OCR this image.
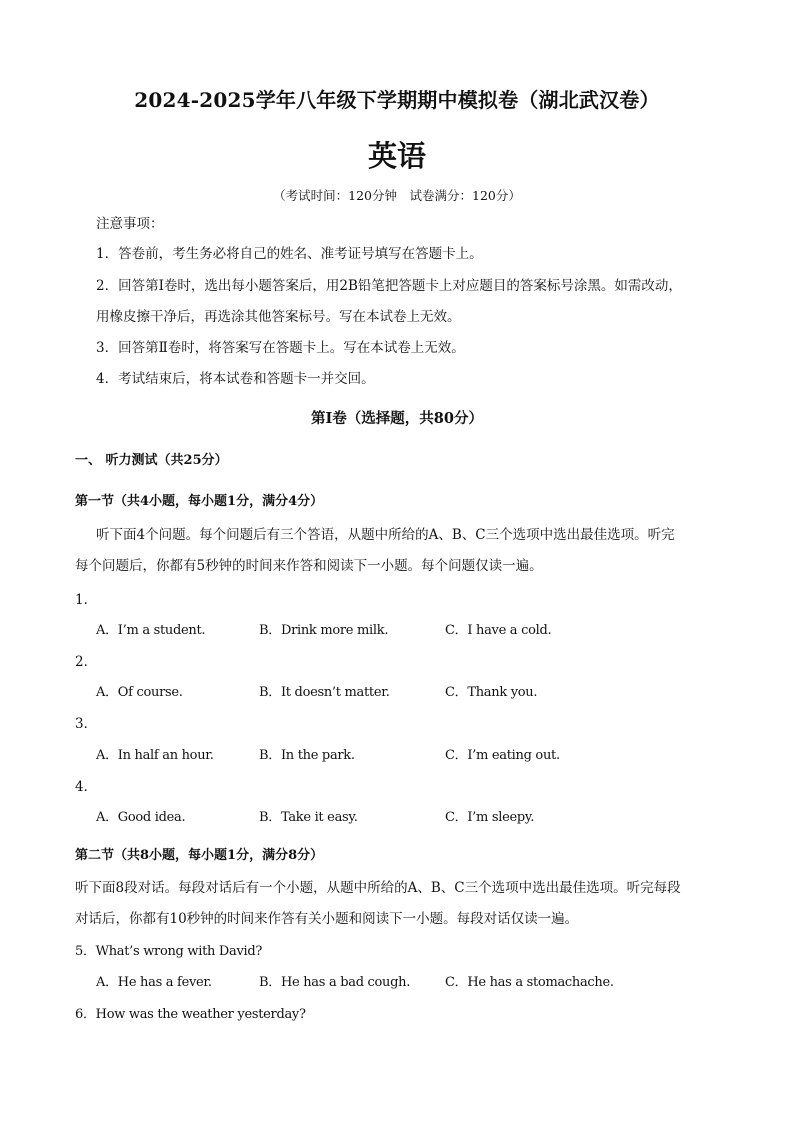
2024-2025学年八年级下学期期中模拟卷（湖北武汉卷）
英语
（考试时间：120分钟　试卷满分：120分）
注意事项：
1．答卷前，考生务必将自己的姓名、准考证号填写在答题卡上。
2．回答第Ⅰ卷时，选出每小题答案后，用2B铅笔把答题卡上对应题目的答案标号涂黑。如需改动，
用橡皮擦干净后，再选涂其他答案标号。写在本试卷上无效。
3．回答第Ⅱ卷时，将答案写在答题卡上。写在本试卷上无效。
4．考试结束后，将本试卷和答题卡一并交回。
第Ⅰ卷（选择题，共80分）
一、 听力测试（共25分）
第一节（共4小题，每小题1分，满分4分）
听下面4个问题。每个问题后有三个答语，从题中所给的A、B、C三个选项中选出最佳选项。听完
每个问题后，你都有5秒钟的时间来作答和阅读下一小题。每个问题仅读一遍。
1．
A．I’m a student.	B．Drink more milk.	C．I have a cold.
2．
A．Of course.	B．It doesn’t matter.	C．Thank you.
3．
A．In half an hour.	B．In the park.	C．I’m eating out.
4．
A．Good idea.	B．Take it easy.	C．I’m sleepy.
第二节（共8小题，每小题1分，满分8分）
听下面8段对话。每段对话后有一个小题，从题中所给的A、B、C三个选项中选出最佳选项。听完每段
对话后，你都有10秒钟的时间来作答有关小题和阅读下一小题。每段对话仅读一遍。
5．What’s wrong with David?
A．He has a fever.	B．He has a bad cough.	C．He has a stomachache.
6．How was the weather yesterday?
